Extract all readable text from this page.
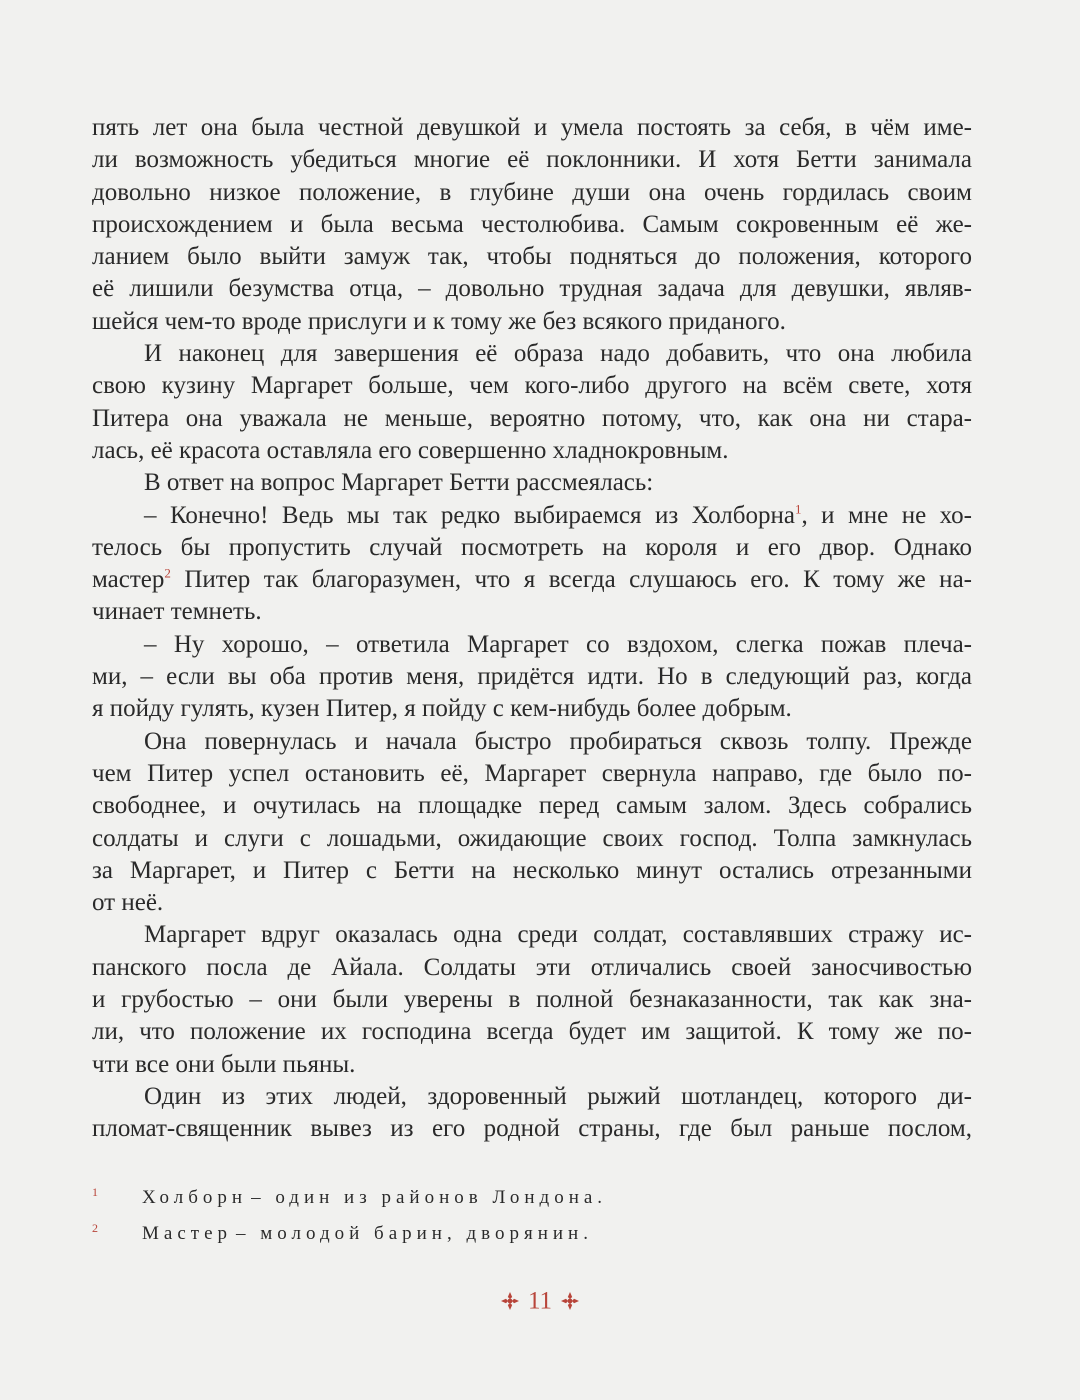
пять лет она была честной девушкой и умела постоять за себя, в чём име-
ли возможность убедиться многие её поклонники. И хотя Бетти занимала
довольно низкое положение, в глубине души она очень гордилась своим
происхождением и была весьма честолюбива. Самым сокровенным её же-
ланием было выйти замуж так, чтобы подняться до положения, которого
её лишили безумства отца, – довольно трудная задача для девушки, являв-
шейся чем-то вроде прислуги и к тому же без всякого приданого.
И наконец для завершения её образа надо добавить, что она любила
свою кузину Маргарет больше, чем кого-либо другого на всём свете, хотя
Питера она уважала не меньше, вероятно потому, что, как она ни стара-
лась, её красота оставляла его совершенно хладнокровным.
В ответ на вопрос Маргарет Бетти рассмеялась:
– Конечно! Ведь мы так редко выбираемся из Холборна$^1$, и мне не хо-
телось бы пропустить случай посмотреть на короля и его двор. Однако
мастер$^2$ Питер так благоразумен, что я всегда слушаюсь его. К тому же на-
чинает темнеть.
– Ну хорошо, – ответила Маргарет со вздохом, слегка пожав плеча-
ми, – если вы оба против меня, придётся идти. Но в следующий раз, когда
я пойду гулять, кузен Питер, я пойду с кем-нибудь более добрым.
Она повернулась и начала быстро пробираться сквозь толпу. Прежде
чем Питер успел остановить её, Маргарет свернула направо, где было по-
свободнее, и очутилась на площадке перед самым залом. Здесь собрались
солдаты и слуги с лошадьми, ожидающие своих господ. Толпа замкнулась
за Маргарет, и Питер с Бетти на несколько минут остались отрезанными
от неё.
Маргарет вдруг оказалась одна среди солдат, составлявших стражу ис-
панского посла де Айала. Солдаты эти отличались своей заносчивостью
и грубостью – они были уверены в полной безнаказанности, так как зна-
ли, что положение их господина всегда будет им защитой. К тому же по-
чти все они были пьяны.
Один из этих людей, здоровенный рыжий шотландец, которого ди-
пломат-священник вывез из его родной страны, где был раньше послом,
1 Холборн – один из районов Лондона.
2 Мастер – молодой барин, дворянин.
11
